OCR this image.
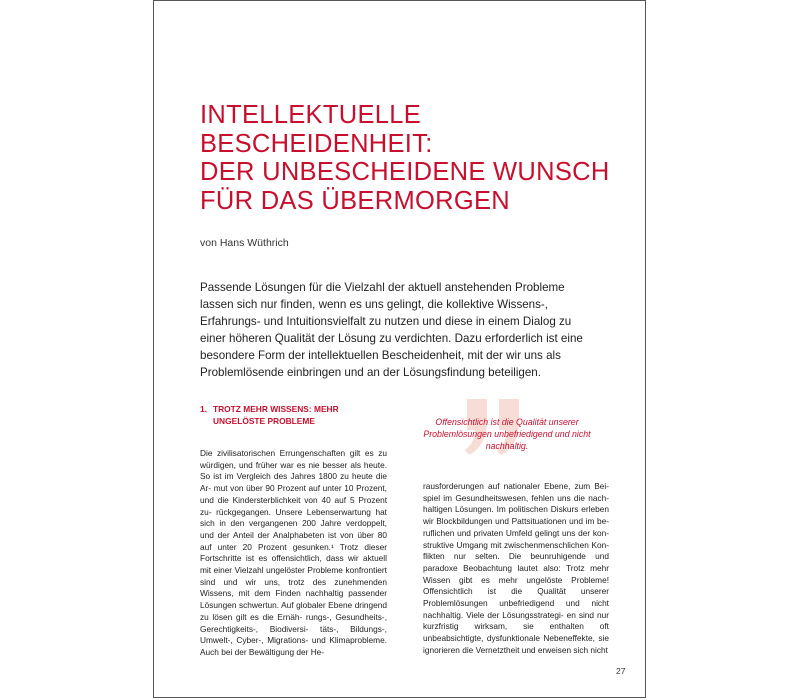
INTELLEKTUELLE
BESCHEIDENHEIT:
DER UNBESCHEIDENE WUNSCH
FÜR DAS ÜBERMORGEN
von Hans Wüthrich
Passende Lösungen für die Vielzahl der aktuell anstehenden Probleme lassen sich nur finden, wenn es uns gelingt, die kollektive Wissens-, Erfahrungs- und Intuitionsvielfalt zu nutzen und diese in einem Dialog zu einer höheren Qualität der Lösung zu verdichten. Dazu erforderlich ist eine besondere Form der intellektuellen Bescheidenheit, mit der wir uns als Problemlösende einbringen und an der Lösungsfindung beteiligen.
1. TROTZ MEHR WISSENS: MEHR
UNGELÖSTE PROBLEME	Offensichtlich ist die Qualität unserer Problemlösungen unbefriedigend und nicht nachhaltig.
Die zivilisatorischen Errungenschaften gilt es zu würdigen, und früher war es nie besser als heute. So ist im Vergleich des Jahres 1800 zu heute die Ar- mut von über 90 Prozent auf unter 10 Prozent, und die Kindersterblichkeit von 40 auf 5 Prozent zu- rückgegangen. Unsere Lebenserwartung hat sich in den vergangenen 200 Jahre verdoppelt, und der Anteil der Analphabeten ist von über 80 auf unter 20 Prozent gesunken.¹ Trotz dieser Fortschritte ist es offensichtlich, dass wir aktuell mit einer Vielzahl ungelöster Probleme konfrontiert sind und wir uns, trotz des zunehmenden Wissens, mit dem Finden nachhaltig passender Lösungen schwertun. Auf globaler Ebene dringend zu lösen gilt es die Ernäh- rungs-, Gesundheits-, Gerechtigkeits-, Biodiversi- täts-, Bildungs-, Umwelt-, Cyber-, Migrations- und Klimaprobleme. Auch bei der Bewältigung der He-
rausforderungen auf nationaler Ebene, zum Bei- spiel im Gesundheitswesen, fehlen uns die nach- haltigen Lösungen. Im politischen Diskurs erleben wir Blockbildungen und Pattsituationen und im be- ruflichen und privaten Umfeld gelingt uns der kon- struktive Umgang mit zwischenmenschlichen Kon- flikten nur selten. Die beunruhigende und paradoxe Beobachtung lautet also: Trotz mehr Wissen gibt es mehr ungelöste Probleme! Offensichtlich ist die Qualität unserer Problemlösungen unbefriedigend und nicht nachhaltig. Viele der Lösungsstrategi- en sind nur kurzfristig wirksam, sie enthalten oft unbeabsichtigte, dysfunktionale Nebeneffekte, sie ignorieren die Vernetztheit und erweisen sich nicht
27
